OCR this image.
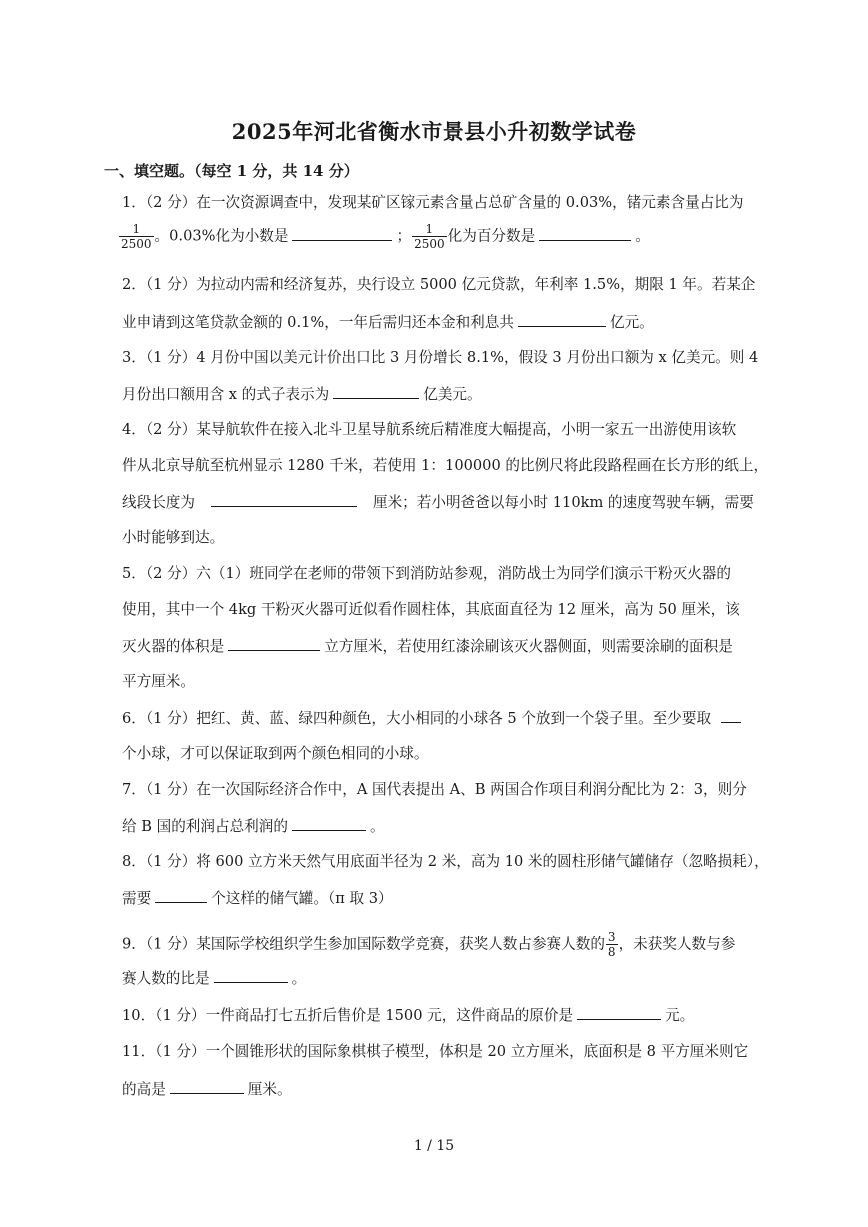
2025年河北省衡水市景县小升初数学试卷
一、填空题。（每空 1 分，共 14 分）
1．（2 分）在一次资源调查中，发现某矿区镓元素含量占总矿含量的 0.03%，锗元素含量占比为
$\frac{1}{2500}$ 。0.03%化为小数是	； $\frac{1}{2500}$ 化为百分数是	。
2．（1 分）为拉动内需和经济复苏，央行设立 5000 亿元贷款，年利率 1.5%，期限 1 年。若某企
业申请到这笔贷款金额的 0.1%，一年后需归还本金和利息共	亿元。
3．（1 分）4 月份中国以美元计价出口比 3 月份增长 8.1%，假设 3 月份出口额为 x 亿美元。则 4
月份出口额用含 x 的式子表示为	亿美元。
4．（2 分）某导航软件在接入北斗卫星导航系统后精准度大幅提高，小明一家五一出游使用该软
件从北京导航至杭州显示 1280 千米，若使用 1：100000 的比例尺将此段路程画在长方形的纸上，
线段长度为	厘米；若小明爸爸以每小时 110km 的速度驾驶车辆，需要
小时能够到达。
5．（2 分）六（1）班同学在老师的带领下到消防站参观，消防战士为同学们演示干粉灭火器的
使用，其中一个 4kg 干粉灭火器可近似看作圆柱体，其底面直径为 12 厘米，高为 50 厘米，该
灭火器的体积是	立方厘米，若使用红漆涂刷该灭火器侧面，则需要涂刷的面积是
平方厘米。
6．（1 分）把红、黄、蓝、绿四种颜色，大小相同的小球各 5 个放到一个袋子里。至少要取
个小球，才可以保证取到两个颜色相同的小球。
7．（1 分）在一次国际经济合作中，A 国代表提出 A、B 两国合作项目利润分配比为 2：3，则分
给 B 国的利润占总利润的	。
8．（1 分）将 600 立方米天然气用底面半径为 2 米，高为 10 米的圆柱形储气罐储存（忽略损耗），
需要	个这样的储气罐。（π 取 3）
9．（1 分）某国际学校组织学生参加国际数学竞赛，获奖人数占参赛人数的 $\frac{3}{8}$ ，未获奖人数与参
赛人数的比是	。
10．（1 分）一件商品打七五折后售价是 1500 元，这件商品的原价是	元。
11．（1 分）一个圆锥形状的国际象棋棋子模型，体积是 20 立方厘米，底面积是 8 平方厘米则它
的高是	厘米。
1 / 15
